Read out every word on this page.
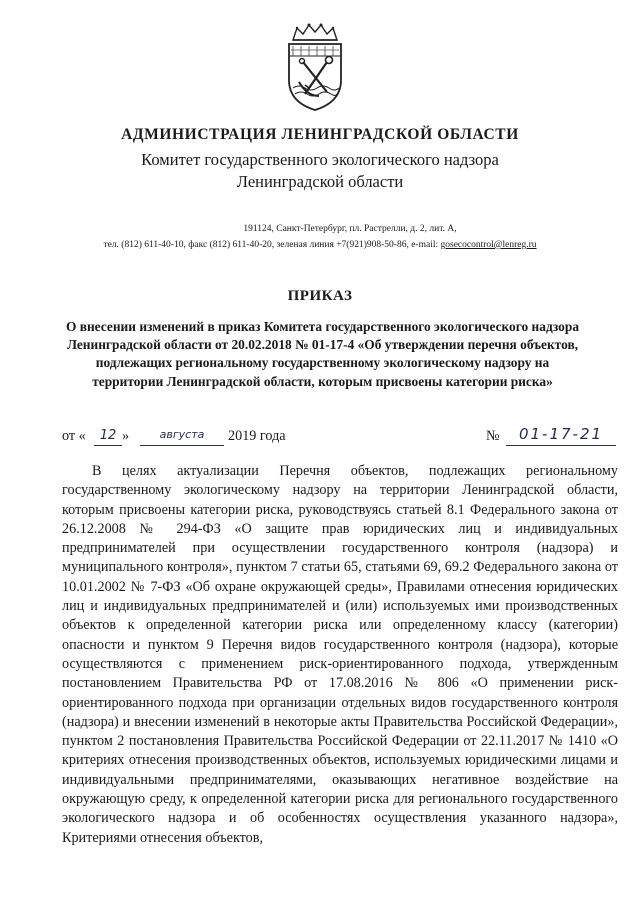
АДМИНИСТРАЦИЯ ЛЕНИНГРАДСКОЙ ОБЛАСТИ
Комитет государственного экологического надзора
Ленинградской области
191124, Санкт-Петербург, пл. Растрелли, д. 2, лит. А,
тел. (812) 611-40-10, факс (812) 611-40-20, зеленая линия +7(921)908-50-86, e-mail: gosecocontrol@lenreg.ru
ПРИКАЗ
О внесении изменений в приказ Комитета государственного экологического надзора Ленинградской области от 20.02.2018 № 01-17-4 «Об утверждении перечня объектов, подлежащих региональному государственному экологическому надзору на территории Ленинградской области, которым присвоены категории риска»
от «	12 »	августа	2019 года	№	01-17-21

В целях актуализации Перечня объектов, подлежащих региональному государственному экологическому надзору на территории Ленинградской области, которым присвоены категории риска, руководствуясь статьей 8.1 Федерального закона от 26.12.2008 № 294-ФЗ «О защите прав юридических лиц и индивидуальных предпринимателей при осуществлении государственного контроля (надзора) и муниципального контроля», пунктом 7 статьи 65, статьями 69, 69.2 Федерального закона от 10.01.2002 № 7-ФЗ «Об охране окружающей среды», Правилами отнесения юридических лиц и индивидуальных предпринимателей и (или) используемых ими производственных объектов к определенной категории риска или определенному классу (категории) опасности и пунктом 9 Перечня видов государственного контроля (надзора), которые осуществляются с применением риск-ориентированного подхода, утвержденным постановлением Правительства РФ от 17.08.2016 № 806 «О применении риск-ориентированного подхода при организации отдельных видов государственного контроля (надзора) и внесении изменений в некоторые акты Правительства Российской Федерации», пунктом 2 постановления Правительства Российской Федерации от 22.11.2017 № 1410 «О критериях отнесения производственных объектов, используемых юридическими лицами и индивидуальными предпринимателями, оказывающих негативное воздействие на окружающую среду, к определенной категории риска для регионального государственного экологического надзора и об особенностях осуществления указанного надзора», Критериями отнесения объектов,
